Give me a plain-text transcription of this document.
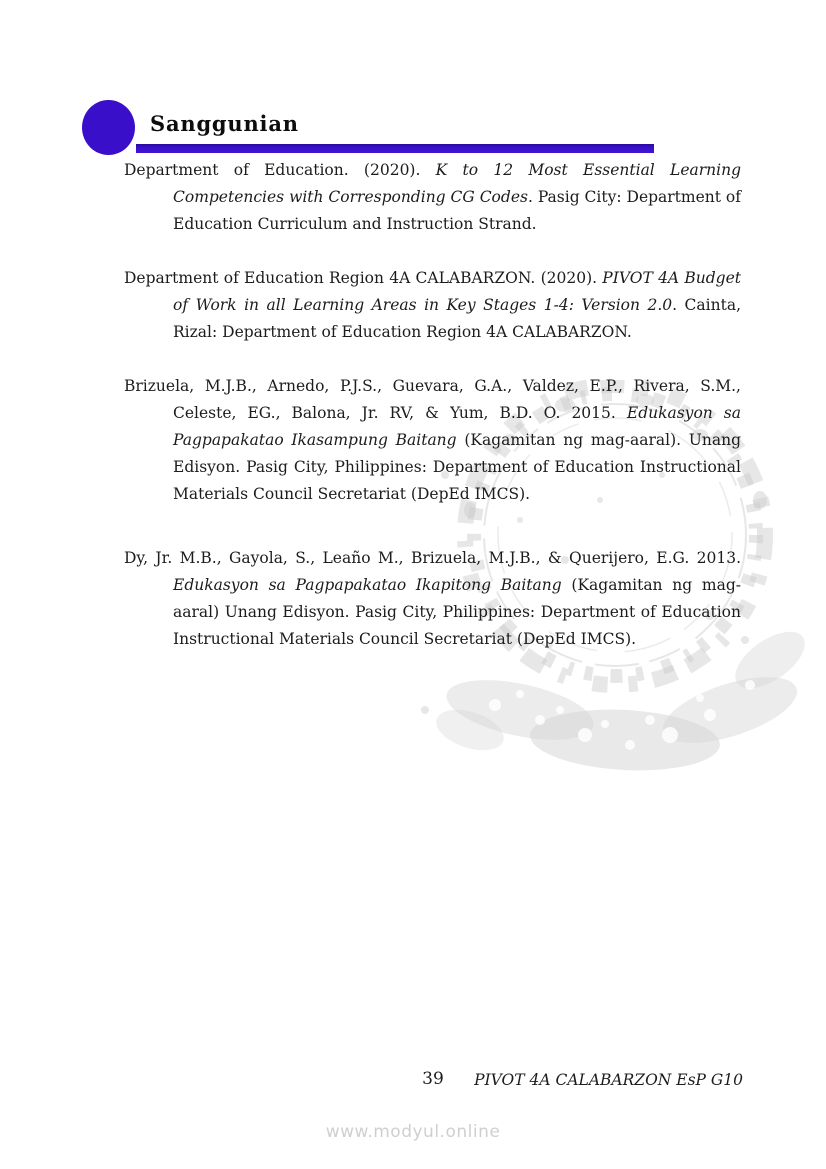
Sanggunian

Department of Education. (2020). K to 12 Most Essential Learning Competencies with Corresponding CG Codes. Pasig City: Department of Education Curriculum and Instruction Strand.

Department of Education Region 4A CALABARZON. (2020). PIVOT 4A Budget of Work in all Learning Areas in Key Stages 1-4: Version 2.0. Cainta, Rizal: Department of Education Region 4A CALABARZON.

Brizuela, M.J.B., Arnedo, P.J.S., Guevara, G.A., Valdez, E.P., Rivera, S.M., Celeste, EG., Balona, Jr. RV, & Yum, B.D. O. 2015. Edukasyon sa Pagpapakatao Ikasampung Baitang (Kagamitan ng mag-aaral). Unang Edisyon. Pasig City, Philippines: Department of Education Instructional Materials Council Secretariat (DepEd IMCS).

Dy, Jr. M.B., Gayola, S., Leaño M., Brizuela, M.J.B., & Querijero, E.G. 2013. Edukasyon sa Pagpapakatao Ikapitong Baitang (Kagamitan ng mag-aaral) Unang Edisyon. Pasig City, Philippines: Department of Education Instructional Materials Council Secretariat (DepEd IMCS).

39	PIVOT 4A CALABARZON EsP G10
www.modyul.online
